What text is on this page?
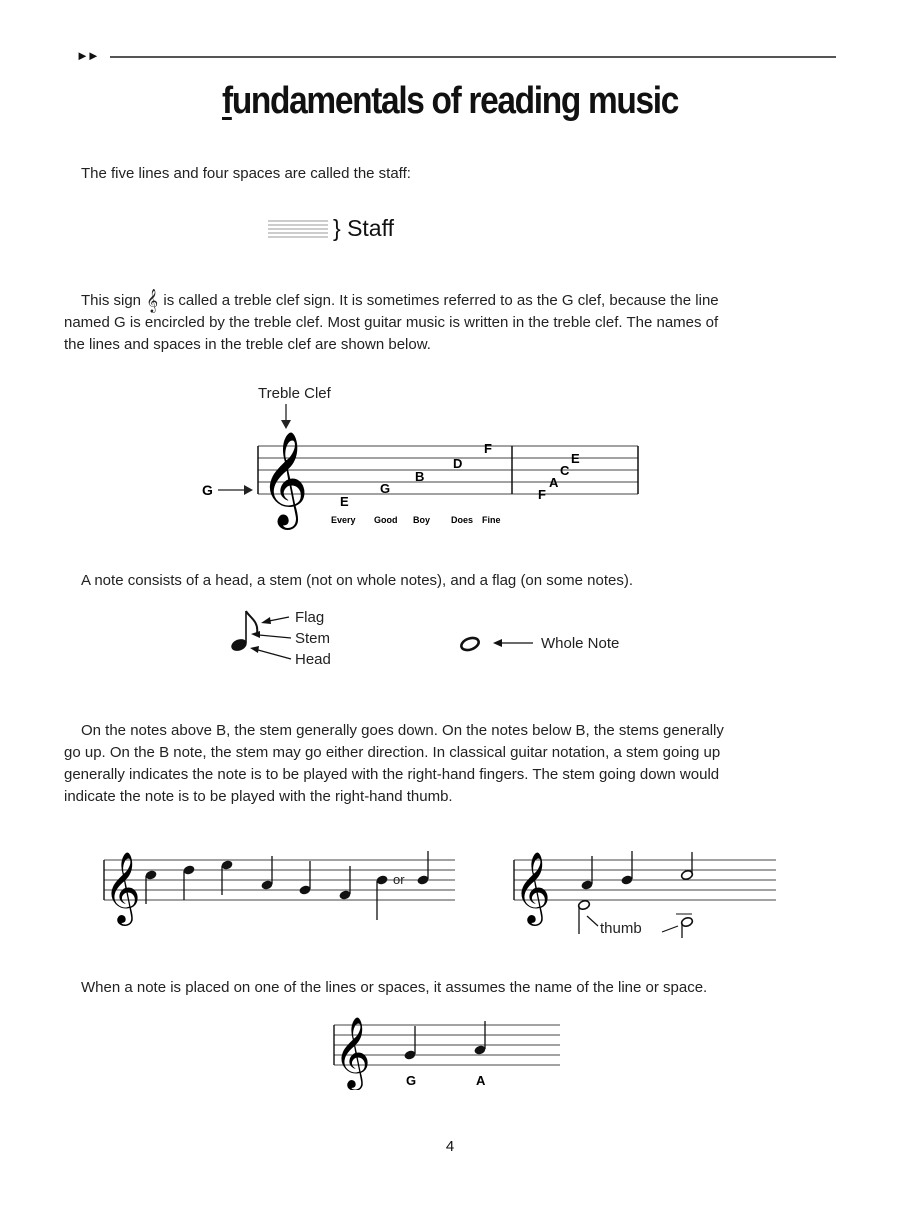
►►
fundamentals of reading music
The five lines and four spaces are called the staff:
} Staff
This sign 𝄞 is called a treble clef sign. It is sometimes referred to as the G clef, because the line
named G is encircled by the treble clef. Most guitar music is written in the treble clef. The names of
the lines and spaces in the treble clef are shown below.
𝄞
Treble Clef
G
E
G
B
D
F
F
A
C
E
Every Good Boy Does Fine
A note consists of a head, a stem (not on whole notes), and a flag (on some notes).
Flag
Stem
Head
Whole Note
On the notes above B, the stem generally goes down. On the notes below B, the stems generally
go up. On the B note, the stem may go either direction. In classical guitar notation, a stem going up
generally indicates the note is to be played with the right-hand fingers. The stem going down would
indicate the note is to be played with the right-hand thumb.
𝄞	or 𝄞
thumb
When a note is placed on one of the lines or spaces, it assumes the name of the line or space.
𝄞	G	A
4
